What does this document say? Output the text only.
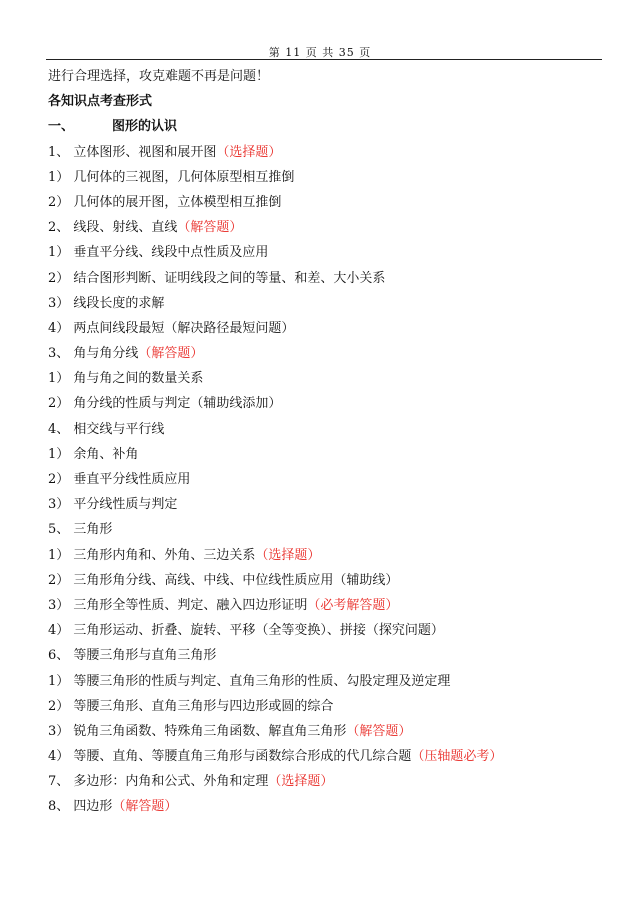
第 11 页 共 35 页
进行合理选择，攻克难题不再是问题！
各知识点考查形式
一、	图形的认识
1、 立体图形、视图和展开图（选择题）
1） 几何体的三视图，几何体原型相互推倒
2） 几何体的展开图，立体模型相互推倒
2、 线段、射线、直线（解答题）
1） 垂直平分线、线段中点性质及应用
2） 结合图形判断、证明线段之间的等量、和差、大小关系
3） 线段长度的求解
4） 两点间线段最短（解决路径最短问题）
3、 角与角分线（解答题）
1） 角与角之间的数量关系
2） 角分线的性质与判定（辅助线添加）
4、 相交线与平行线
1） 余角、补角
2） 垂直平分线性质应用
3） 平分线性质与判定
5、 三角形
1） 三角形内角和、外角、三边关系（选择题）
2） 三角形角分线、高线、中线、中位线性质应用（辅助线）
3） 三角形全等性质、判定、融入四边形证明（必考解答题）
4） 三角形运动、折叠、旋转、平移（全等变换）、拼接（探究问题）
6、 等腰三角形与直角三角形
1） 等腰三角形的性质与判定、直角三角形的性质、勾股定理及逆定理
2） 等腰三角形、直角三角形与四边形或圆的综合
3） 锐角三角函数、特殊角三角函数、解直角三角形（解答题）
4） 等腰、直角、等腰直角三角形与函数综合形成的代几综合题（压轴题必考）
7、 多边形：内角和公式、外角和定理（选择题）
8、 四边形（解答题）
